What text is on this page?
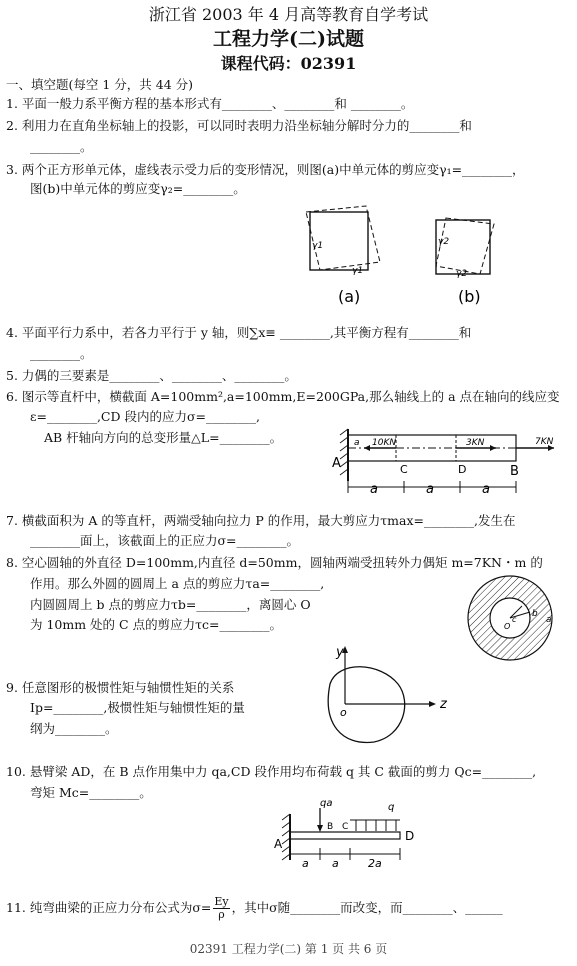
浙江省 2003 年 4 月高等教育自学考试
工程力学(二)试题
课程代码：02391
一、填空题(每空 1 分，共 44 分)
1. 平面一般力系平衡方程的基本形式有________、________和 ________。
2. 利用力在直角坐标轴上的投影，可以同时表明力沿坐标轴分解时分力的________和
________。
3. 两个正方形单元体，虚线表示受力后的变形情况，则图(a)中单元体的剪应变γ₁=________，
图(b)中单元体的剪应变γ₂=________。
γ1
γ1
γ2
γ2
(a)	(b)
4. 平面平行力系中，若各力平行于 y 轴，则∑x≡ ________,其平衡方程有________和
________。
5. 力偶的三要素是________、________、________。
6. 图示等直杆中，横截面 A=100mm²,a=100mm,E=200GPa,那么轴线上的 a 点在轴向的线应变
ε=________,CD 段内的应力σ=________,
AB 杆轴向方向的总变形量△L=________。	a 10KN	3KN	7KN
A
B
C	D
a	a	a
7. 横截面积为 A 的等直杆，两端受轴向拉力 P 的作用，最大剪应力τmax=________,发生在
________面上，该截面上的正应力σ=________。
8. 空心圆轴的外直径 D=100mm,内直径 d=50mm，圆轴两端受扭转外力偶矩 m=7KN・m 的
作用。那么外圆的圆周上 a 点的剪应力τa=________,
内圆圆周上 b 点的剪应力τb=________，离圆心 O
为 10mm 处的 C 点的剪应力τc=________。	O
c
b
a
9. 任意图形的极惯性矩与轴惯性矩的关系
Ip=________,极惯性矩与轴惯性矩的量
纲为________。
y
z
o
10. 悬臂梁 AD，在 B 点作用集中力 qa,CD 段作用均布荷载 q 其 C 截面的剪力 Qc=________,
弯矩 Mc=________。
qa	q
A
B C
D
a a	2a
11. 纯弯曲梁的正应力分布公式为$\sigma= \frac{Ey}{\rho}$ ，其中σ随________而改变，而________、______
02391 工程力学(二) 第 1 页 共 6 页
